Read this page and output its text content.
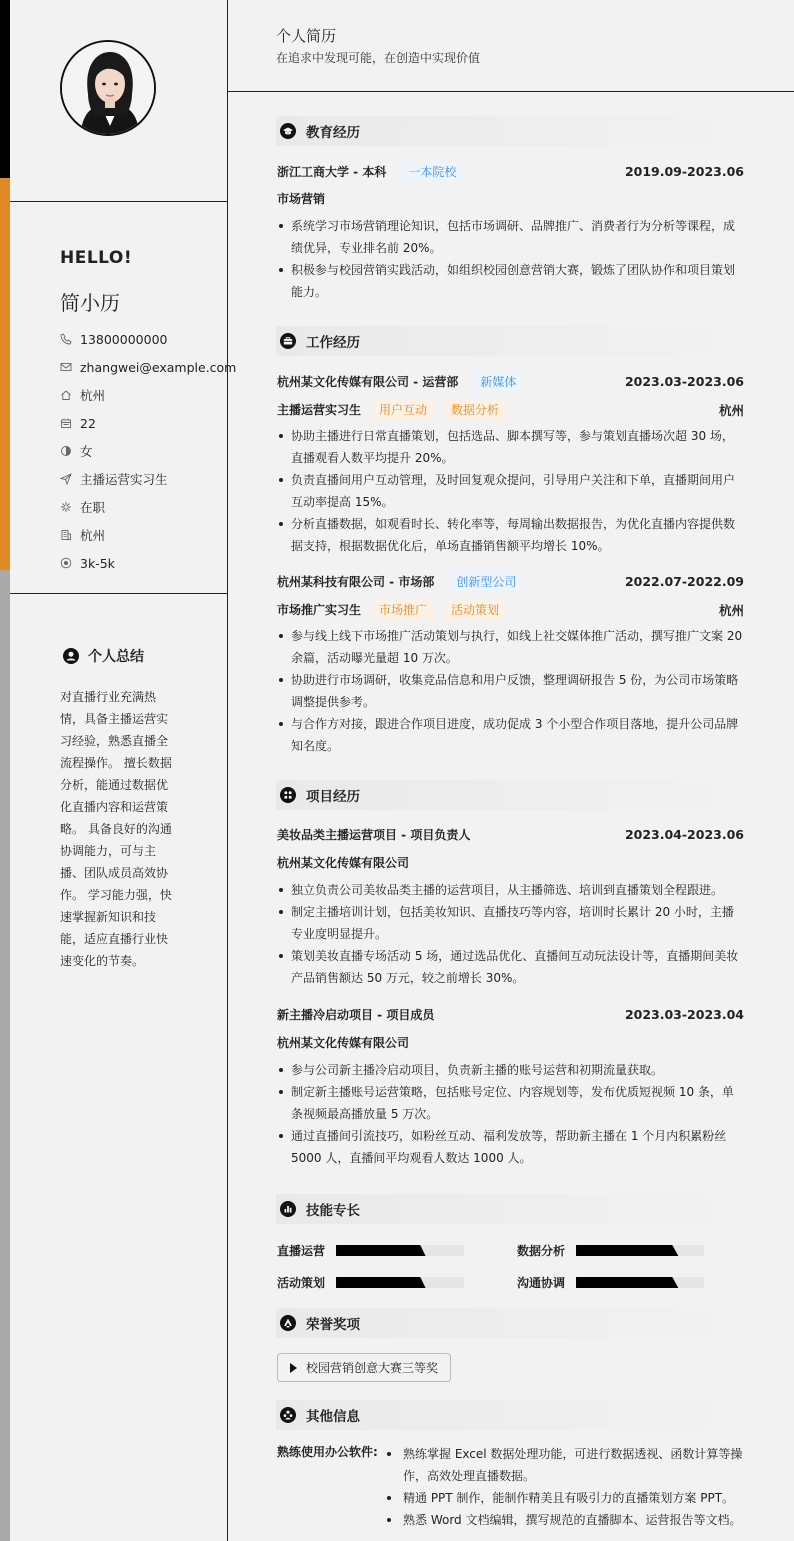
HELLO!
简小历
13800000000
zhangwei@example.com
杭州
22
女
主播运营实习生
在职
杭州
3k-5k
个人总结
对直播行业充满热情，具备主播运营实习经验，熟悉直播全流程操作。 擅长数据分析，能通过数据优化直播内容和运营策略。 具备良好的沟通协调能力，可与主播、团队成员高效协作。 学习能力强，快速掌握新知识和技能，适应直播行业快速变化的节奏。
个人简历
在追求中发现可能，在创造中实现价值
教育经历
浙江工商大学 - 本科	一本院校	2019.09-2023.06
市场营销
系统学习市场营销理论知识，包括市场调研、品牌推广、消费者行为分析等课程，成绩优异，专业排名前 20%。
积极参与校园营销实践活动，如组织校园创意营销大赛，锻炼了团队协作和项目策划能力。
工作经历
杭州某文化传媒有限公司 - 运营部	新媒体	2023.03-2023.06
主播运营实习生	用户互动	数据分析	杭州
协助主播进行日常直播策划，包括选品、脚本撰写等，参与策划直播场次超 30 场，直播观看人数平均提升 20%。
负责直播间用户互动管理，及时回复观众提问，引导用户关注和下单，直播期间用户互动率提高 15%。
分析直播数据，如观看时长、转化率等，每周输出数据报告，为优化直播内容提供数据支持，根据数据优化后，单场直播销售额平均增长 10%。
杭州某科技有限公司 - 市场部	创新型公司	2022.07-2022.09
市场推广实习生	市场推广	活动策划	杭州
参与线上线下市场推广活动策划与执行，如线上社交媒体推广活动，撰写推广文案 20 余篇，活动曝光量超 10 万次。
协助进行市场调研，收集竞品信息和用户反馈，整理调研报告 5 份，为公司市场策略调整提供参考。
与合作方对接，跟进合作项目进度，成功促成 3 个小型合作项目落地，提升公司品牌知名度。
项目经历
美妆品类主播运营项目 - 项目负责人	2023.04-2023.06
杭州某文化传媒有限公司
独立负责公司美妆品类主播的运营项目，从主播筛选、培训到直播策划全程跟进。
制定主播培训计划，包括美妆知识、直播技巧等内容，培训时长累计 20 小时，主播专业度明显提升。
策划美妆直播专场活动 5 场，通过选品优化、直播间互动玩法设计等，直播期间美妆产品销售额达 50 万元，较之前增长 30%。
新主播冷启动项目 - 项目成员	2023.03-2023.04
杭州某文化传媒有限公司
参与公司新主播冷启动项目，负责新主播的账号运营和初期流量获取。
制定新主播账号运营策略，包括账号定位、内容规划等，发布优质短视频 10 条，单条视频最高播放量 5 万次。
通过直播间引流技巧，如粉丝互动、福利发放等，帮助新主播在 1 个月内积累粉丝 5000 人，直播间平均观看人数达 1000 人。
技能专长
直播运营	数据分析
活动策划	沟通协调
荣誉奖项
校园营销创意大赛三等奖
其他信息
熟练使用办公软件:	熟练掌握 Excel 数据处理功能，可进行数据透视、函数计算等操作，高效处理直播数据。
精通 PPT 制作，能制作精美且有吸引力的直播策划方案 PPT。
熟悉 Word 文档编辑，撰写规范的直播脚本、运营报告等文档。
